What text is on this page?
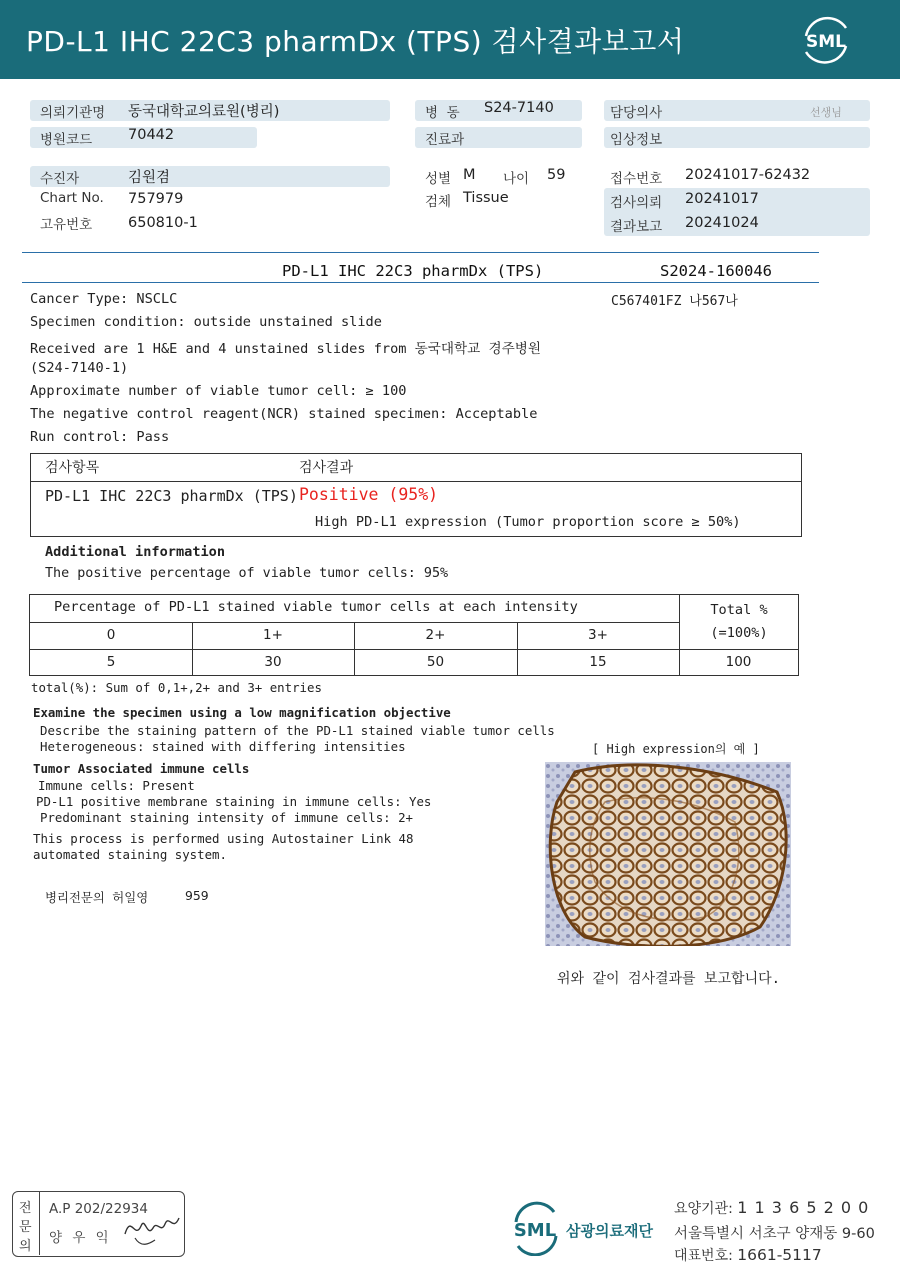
PD-L1 IHC 22C3 pharmDx (TPS) 검사결과보고서	SML
의뢰기관명 동국대학교의료원(병리)
병원코드 70442
병  동 S24-7140
진료과
담당의사	선생님
임상정보
수진자	김원겸
Chart No. 757979
고유번호 650810-1
성별 M 나이 59
검체 Tissue
접수번호 20241017-62432
검사의뢰 20241017
결과보고 20241024
PD-L1 IHC 22C3 pharmDx (TPS)	S2024-160046
C567401FZ 나567나
Cancer Type: NSCLC
Specimen condition: outside unstained slide
Received are 1 H&E and 4 unstained slides from 동국대학교 경주병원
(S24-7140-1)
Approximate number of viable tumor cell: ≥ 100
The negative control reagent(NCR) stained specimen: Acceptable
Run control: Pass
검사항목	검사결과
PD-L1 IHC 22C3 pharmDx (TPS) Positive (95%)
High PD-L1 expression (Tumor proportion score ≥ 50%)
Additional information
The positive percentage of viable tumor cells: 95%
Percentage of PD-L1 stained viable tumor cells at each intensity	Total %
(=100%)
0	1+	2+	3+
5	30	50	15	100
total(%): Sum of 0,1+,2+ and 3+ entries
Examine the specimen using a low magnification objective
Describe the staining pattern of the PD-L1 stained viable tumor cells
Heterogeneous: stained with differing intensities	[ High expression의 예 ]
Tumor Associated immune cells
Immune cells: Present
PD-L1 positive membrane staining in immune cells: Yes
Predominant staining intensity of immune cells: 2+
This process is performed using Autostainer Link 48
automated staining system.
병리전문의 허일영	959
위와 같이 검사결과를 보고합니다.
전
문
의
A.P 202/22934
양 우 익	SML 삼광의료재단
요양기관: 1 1 3 6 5 2 0 0
서울특별시 서초구 양재동 9-60
대표번호: 1661-5117
